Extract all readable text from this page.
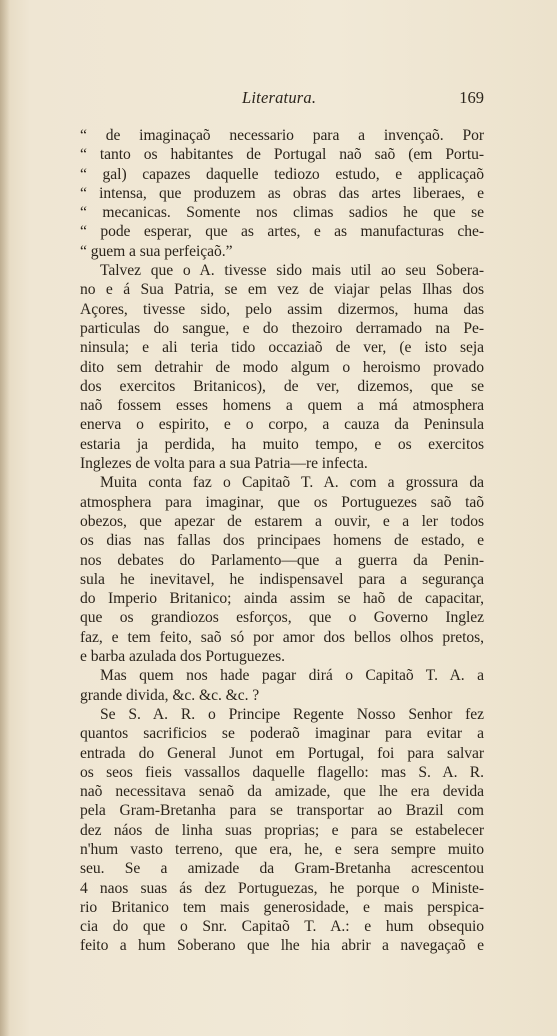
Literatura.	169
“ de imaginaçaõ necessario para a invençaõ. Por
“ tanto os habitantes de Portugal naõ saõ (em Portu-
“ gal) capazes daquelle tediozo estudo, e applicaçaõ
“ intensa, que produzem as obras das artes liberaes, e
“ mecanicas. Somente nos climas sadios he que se
“ pode esperar, que as artes, e as manufacturas che-
“ guem a sua perfeiçaõ.”
Talvez que o A. tivesse sido mais util ao seu Sobera-
no e á Sua Patria, se em vez de viajar pelas Ilhas dos
Açores, tivesse sido, pelo assim dizermos, huma das
particulas do sangue, e do thezoiro derramado na Pe-
ninsula; e ali teria tido occaziaõ de ver, (e isto seja
dito sem detrahir de modo algum o heroismo provado
dos exercitos Britanicos), de ver, dizemos, que se
naõ fossem esses homens a quem a má atmosphera
enerva o espirito, e o corpo, a cauza da Peninsula
estaria ja perdida, ha muito tempo, e os exercitos
Inglezes de volta para a sua Patria—re infecta.
Muita conta faz o Capitaõ T. A. com a grossura da
atmosphera para imaginar, que os Portuguezes saõ taõ
obezos, que apezar de estarem a ouvir, e a ler todos
os dias nas fallas dos principaes homens de estado, e
nos debates do Parlamento—que a guerra da Penin-
sula he inevitavel, he indispensavel para a segurança
do Imperio Britanico; ainda assim se haõ de capacitar,
que os grandiozos esforços, que o Governo Inglez
faz, e tem feito, saõ só por amor dos bellos olhos pretos,
e barba azulada dos Portuguezes.
Mas quem nos hade pagar dirá o Capitaõ T. A. a
grande divida, &c. &c. &c. ?
Se S. A. R. o Principe Regente Nosso Senhor fez
quantos sacrificios se poderaõ imaginar para evitar a
entrada do General Junot em Portugal, foi para salvar
os seos fieis vassallos daquelle flagello: mas S. A. R.
naõ necessitava senaõ da amizade, que lhe era devida
pela Gram-Bretanha para se transportar ao Brazil com
dez náos de linha suas proprias; e para se estabelecer
n'hum vasto terreno, que era, he, e sera sempre muito
seu. Se a amizade da Gram-Bretanha acrescentou
4 naos suas ás dez Portuguezas, he porque o Ministe-
rio Britanico tem mais generosidade, e mais perspica-
cia do que o Snr. Capitaõ T. A.: e hum obsequio
feito a hum Soberano que lhe hia abrir a navegaçaõ e
